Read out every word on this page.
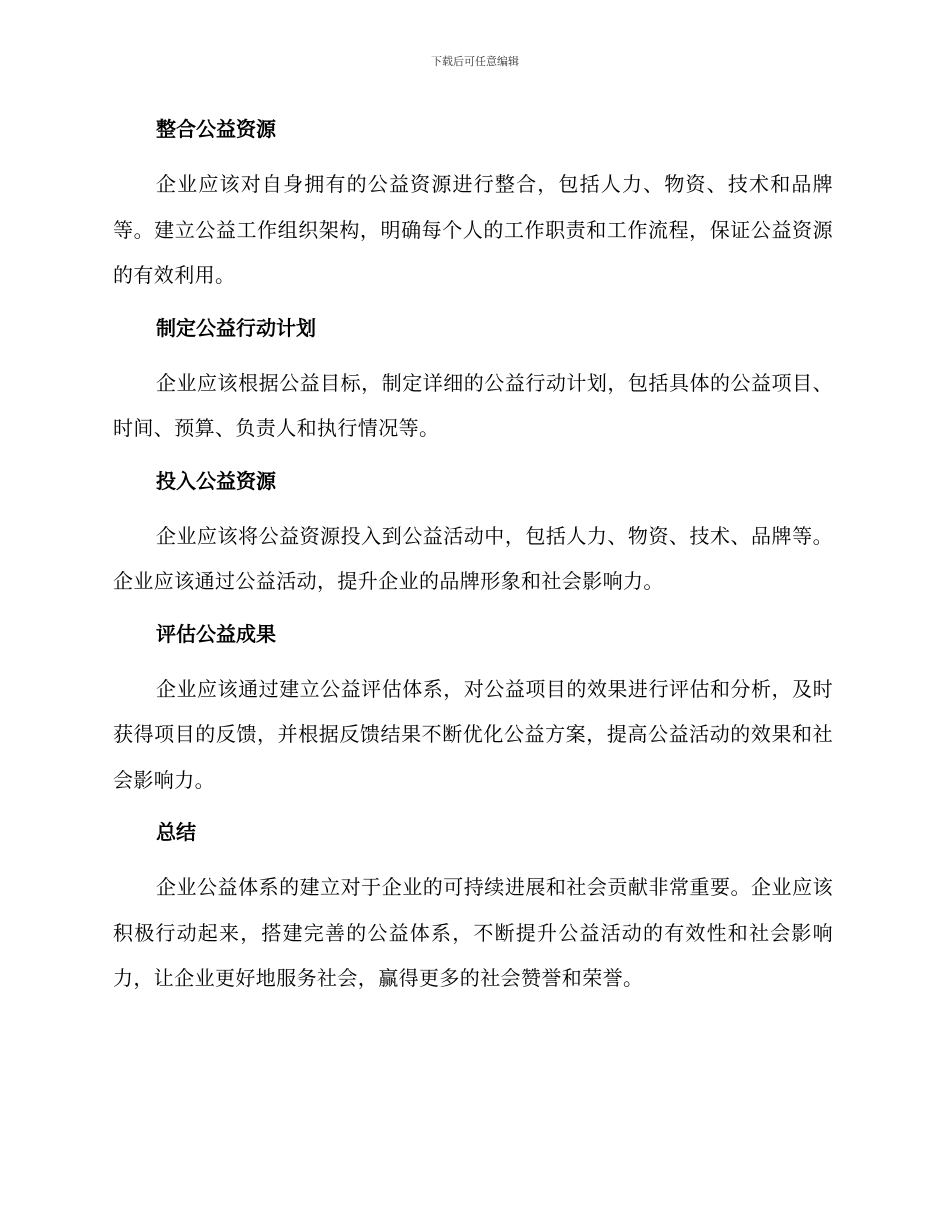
下载后可任意编辑
整合公益资源

企业应该对自身拥有的公益资源进行整合，包括人力、物资、技术和品牌等。建立公益工作组织架构，明确每个人的工作职责和工作流程，保证公益资源的有效利用。

制定公益行动计划

企业应该根据公益目标，制定详细的公益行动计划，包括具体的公益项目、时间、预算、负责人和执行情况等。

投入公益资源

企业应该将公益资源投入到公益活动中，包括人力、物资、技术、品牌等。企业应该通过公益活动，提升企业的品牌形象和社会影响力。

评估公益成果

企业应该通过建立公益评估体系，对公益项目的效果进行评估和分析，及时获得项目的反馈，并根据反馈结果不断优化公益方案，提高公益活动的效果和社会影响力。

总结

企业公益体系的建立对于企业的可持续进展和社会贡献非常重要。企业应该积极行动起来，搭建完善的公益体系，不断提升公益活动的有效性和社会影响力，让企业更好地服务社会，赢得更多的社会赞誉和荣誉。
